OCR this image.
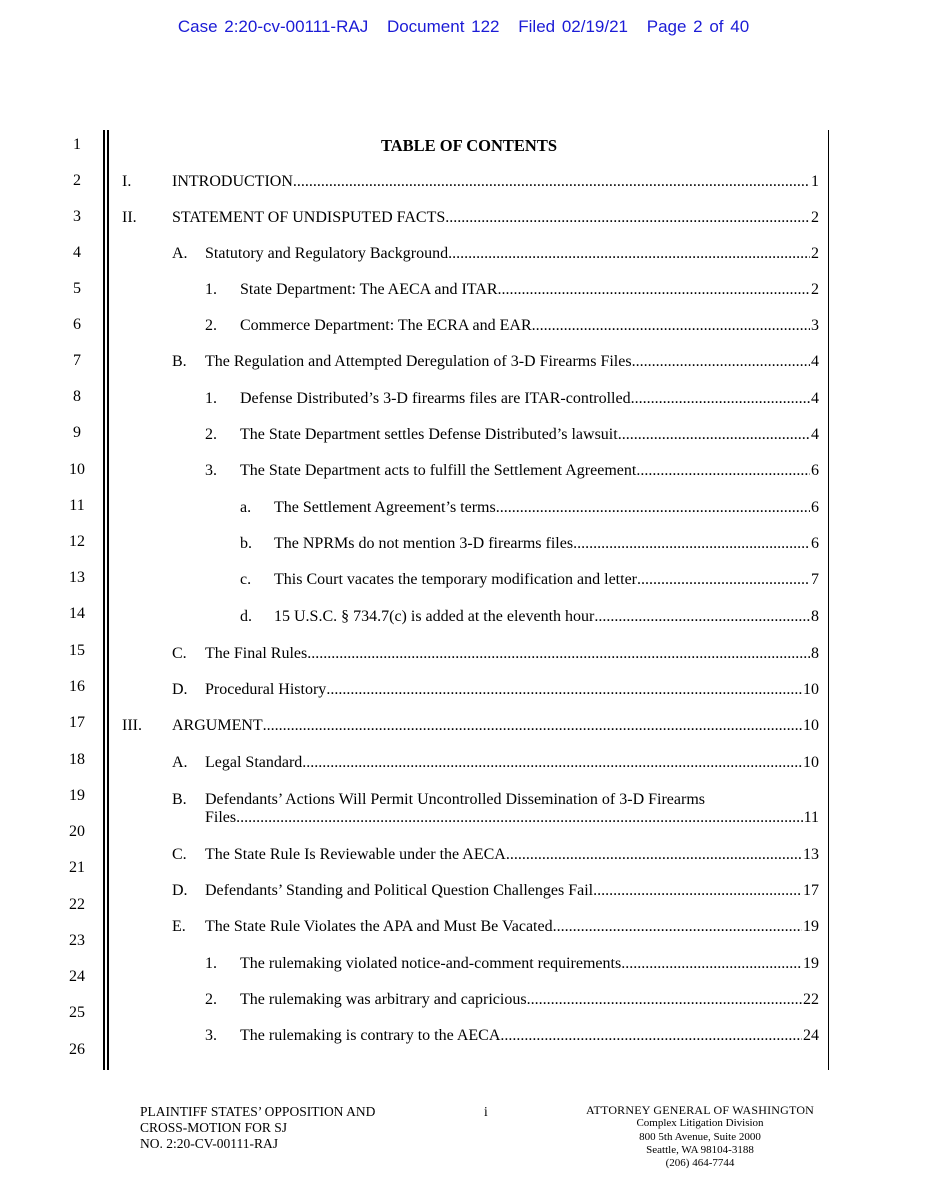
Case 2:20-cv-00111-RAJ Document 122 Filed 02/19/21 Page 2 of 40
1
2
3
4
5
6
7
8
9
10
11
12
13
14
15
16
17
18
19
20
21
22
23
24
25
26
TABLE OF CONTENTS
I.	INTRODUCTION .....	1
II. STATEMENT OF UNDISPUTED FACTS .....	2
A. Statutory and Regulatory Background .....	2
1. State Department: The AECA and ITAR .....	2
2. Commerce Department: The ECRA and EAR .....	3
B. The Regulation and Attempted Deregulation of 3-D Firearms Files .....	4
1. Defense Distributed’s 3-D firearms files are ITAR-controlled .....	4
2. The State Department settles Defense Distributed’s lawsuit .....	4
3. The State Department acts to fulfill the Settlement Agreement .....	6
a. The Settlement Agreement’s terms .....	6
b. The NPRMs do not mention 3-D firearms files .....	6
c. This Court vacates the temporary modification and letter .....	7
d. 15 U.S.C. § 734.7(c) is added at the eleventh hour .....	8
C. The Final Rules .....	8
D. Procedural History .....	10
III. ARGUMENT .....	10
A. Legal Standard .....	10
B. Defendants’ Actions Will Permit Uncontrolled Dissemination of 3-D Firearms
Files .....	11
C. The State Rule Is Reviewable under the AECA .....	13
D. Defendants’ Standing and Political Question Challenges Fail .....	17
E. The State Rule Violates the APA and Must Be Vacated .....	19
1. The rulemaking violated notice-and-comment requirements .....	19
2. The rulemaking was arbitrary and capricious .....	22
3. The rulemaking is contrary to the AECA .....	24
PLAINTIFF STATES’ OPPOSITION AND
CROSS-MOTION FOR SJ
NO. 2:20-CV-00111-RAJ
i	ATTORNEY GENERAL OF WASHINGTON
Complex Litigation Division
800 5th Avenue, Suite 2000
Seattle, WA 98104-3188
(206) 464-7744
